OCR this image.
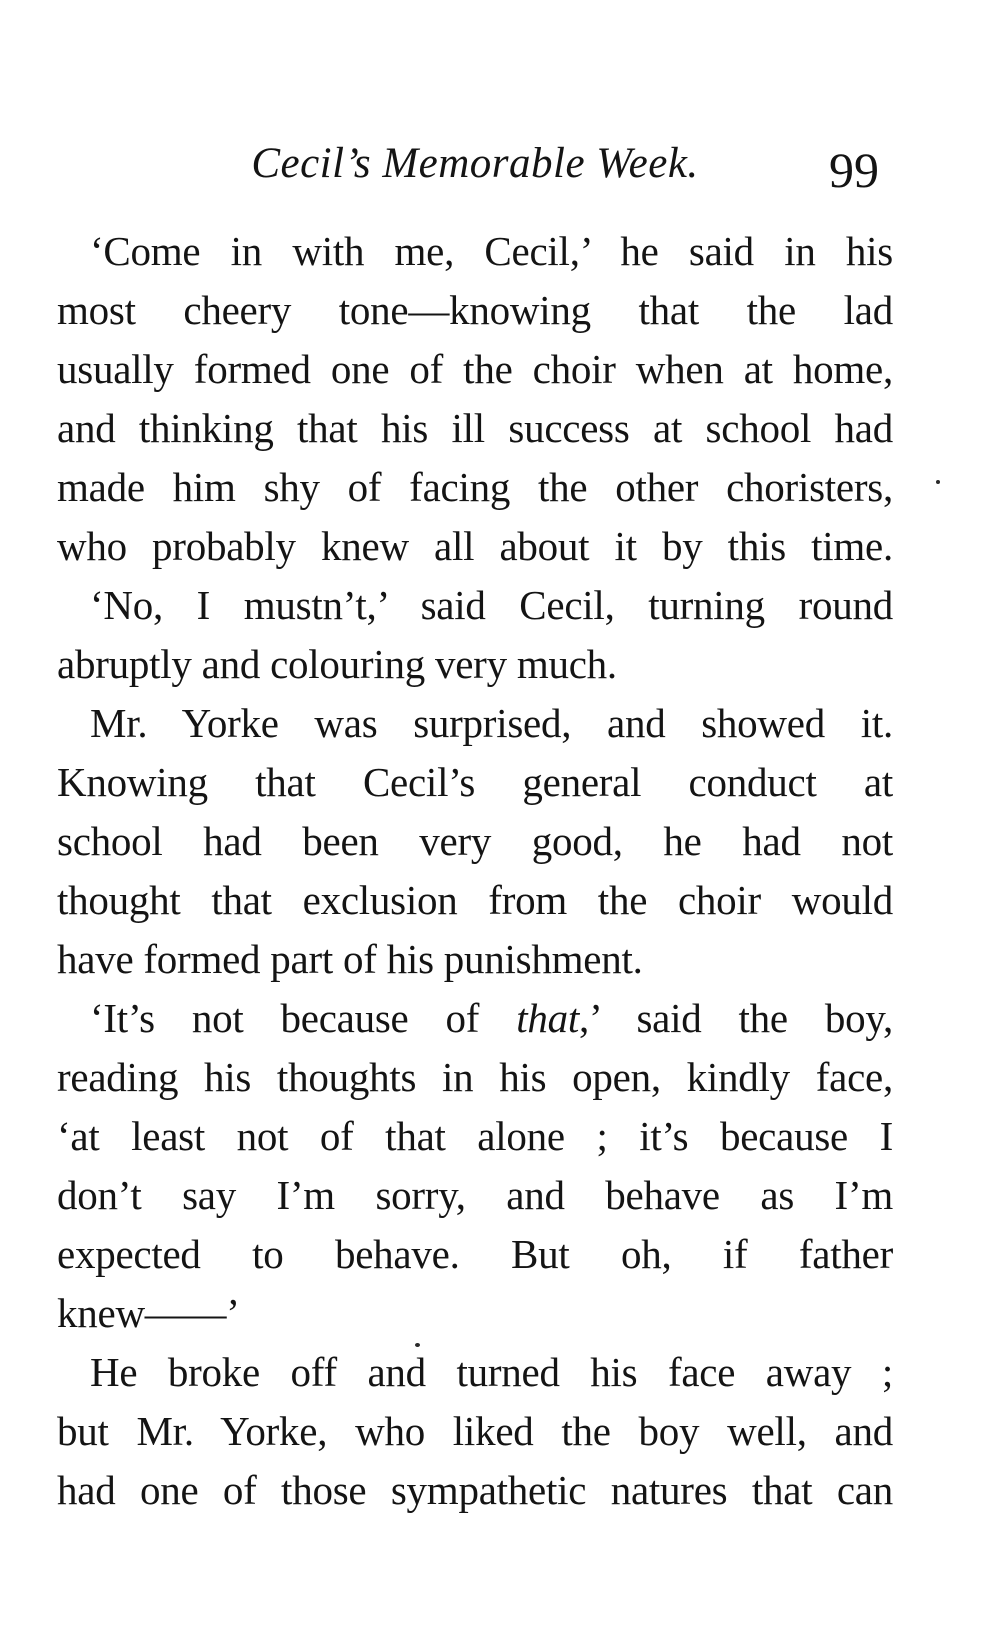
Cecil’s Memorable Week.	99
‘Come in with me, Cecil,’ he said in his
most cheery tone—knowing that the lad
usually formed one of the choir when at home,
and thinking that his ill success at school had
made him shy of facing the other choristers,
who probably knew all about it by this time.
‘No, I mustn’t,’ said Cecil, turning round
abruptly and colouring very much.
Mr. Yorke was surprised, and showed it.
Knowing that Cecil’s general conduct at
school had been very good, he had not
thought that exclusion from the choir would
have formed part of his punishment.
‘It’s not because of that,’ said the boy,
reading his thoughts in his open, kindly face,
‘at least not of that alone ; it’s because I
don’t say I’m sorry, and behave as I’m
expected to behave. But oh, if father
knew——’
He broke off and turned his face away ;
but Mr. Yorke, who liked the boy well, and
had one of those sympathetic natures that can
